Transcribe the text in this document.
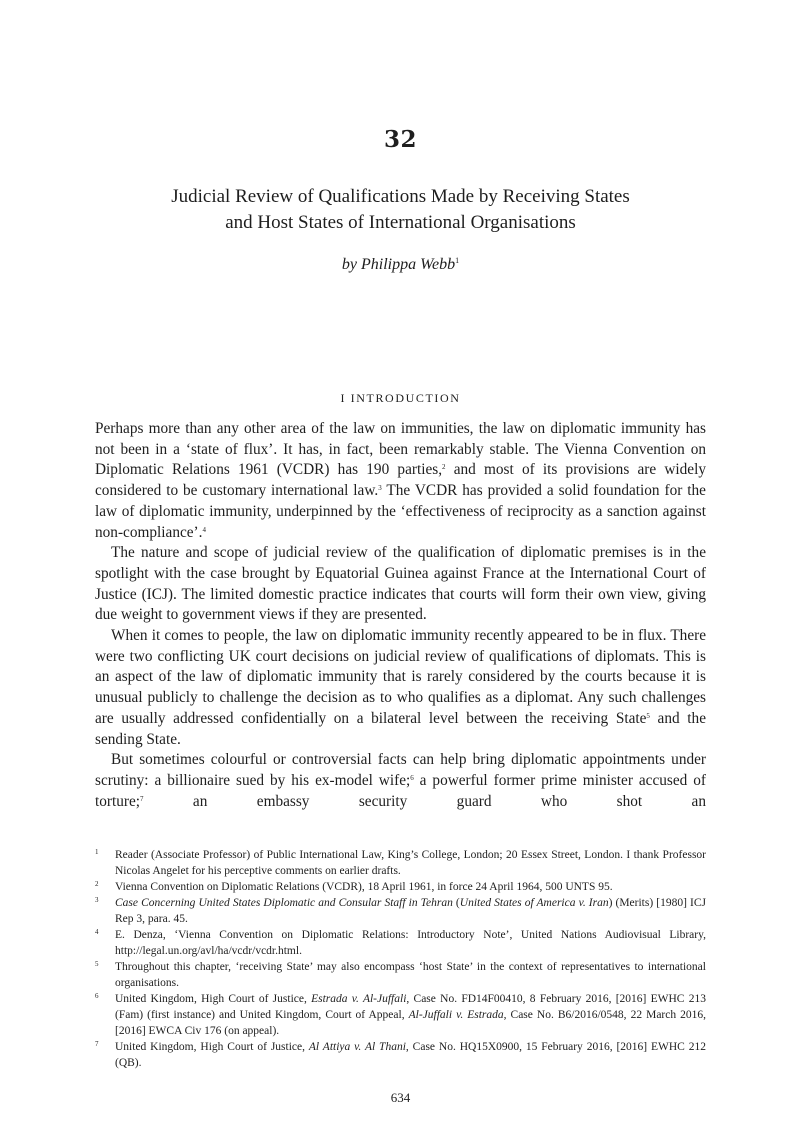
32
Judicial Review of Qualifications Made by Receiving States
and Host States of International Organisations
by Philippa Webb$^1$
I INTRODUCTION

Perhaps more than any other area of the law on immunities, the law on diplomatic immunity has not been in a ‘state of flux’. It has, in fact, been remarkably stable. The Vienna Convention on Diplomatic Relations 1961 (VCDR) has 190 parties,$^2$ and most of its provisions are widely considered to be customary international law.$^3$ The VCDR has provided a solid foundation for the law of diplomatic immunity, underpinned by the ‘effectiveness of reciprocity as a sanction against non-compliance’.$^4$

The nature and scope of judicial review of the qualification of diplomatic premises is in the spotlight with the case brought by Equatorial Guinea against France at the International Court of Justice (ICJ). The limited domestic practice indicates that courts will form their own view, giving due weight to government views if they are presented.

When it comes to people, the law on diplomatic immunity recently appeared to be in flux. There were two conflicting UK court decisions on judicial review of qualifications of diplomats. This is an aspect of the law of diplomatic immunity that is rarely considered by the courts because it is unusual publicly to challenge the decision as to who qualifies as a diplomat. Any such challenges are usually addressed confidentially on a bilateral level between the receiving State$^5$ and the sending State.

But sometimes colourful or controversial facts can help bring diplomatic appointments under scrutiny: a billionaire sued by his ex-model wife;$^6$ a powerful former prime minister accused of torture;$^7$ an embassy security guard who shot an

1 Reader (Associate Professor) of Public International Law, King’s College, London; 20 Essex Street, London. I thank Professor Nicolas Angelet for his perceptive comments on earlier drafts.
2 Vienna Convention on Diplomatic Relations (VCDR), 18 April 1961, in force 24 April 1964, 500 UNTS 95.
3 Case Concerning United States Diplomatic and Consular Staff in Tehran (United States of America v. Iran) (Merits) [1980] ICJ Rep 3, para. 45.
4 E. Denza, ‘Vienna Convention on Diplomatic Relations: Introductory Note’, United Nations Audiovisual Library, http://legal.un.org/avl/ha/vcdr/vcdr.html.
5 Throughout this chapter, ‘receiving State’ may also encompass ‘host State’ in the context of representatives to international organisations.
6 United Kingdom, High Court of Justice, Estrada v. Al-Juffali, Case No. FD14F00410, 8 February 2016, [2016] EWHC 213 (Fam) (first instance) and United Kingdom, Court of Appeal, Al-Juffali v. Estrada, Case No. B6/2016/0548, 22 March 2016, [2016] EWCA Civ 176 (on appeal).
7 United Kingdom, High Court of Justice, Al Attiya v. Al Thani, Case No. HQ15X0900, 15 February 2016, [2016] EWHC 212 (QB).
634
